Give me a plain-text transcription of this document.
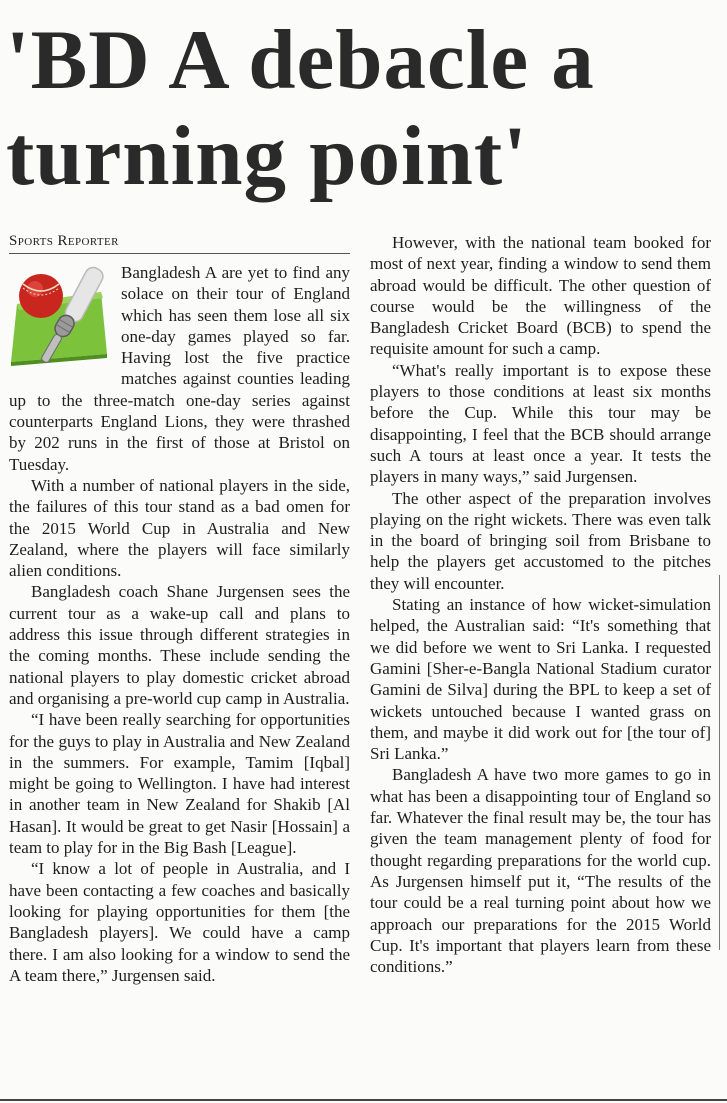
'BD A debacle a turning point'
Sports Reporter

Bangladesh A are yet to find any solace on their tour of England which has seen them lose all six one-day games played so far. Having lost the five practice matches against counties leading up to the three-match one-day series against counterparts England Lions, they were thrashed by 202 runs in the first of those at Bristol on Tuesday.

With a number of national players in the side, the failures of this tour stand as a bad omen for the 2015 World Cup in Australia and New Zealand, where the players will face similarly alien conditions.

Bangladesh coach Shane Jurgensen sees the current tour as a wake-up call and plans to address this issue through different strategies in the coming months. These include sending the national players to play domestic cricket abroad and organising a pre-world cup camp in Australia.

“I have been really searching for opportunities for the guys to play in Australia and New Zealand in the summers. For example, Tamim [Iqbal] might be going to Wellington. I have had interest in another team in New Zealand for Shakib [Al Hasan]. It would be great to get Nasir [Hossain] a team to play for in the Big Bash [League].

“I know a lot of people in Australia, and I have been contacting a few coaches and basically looking for playing opportunities for them [the Bangladesh players]. We could have a camp there. I am also looking for a window to send the A team there,” Jurgensen said.

However, with the national team booked for most of next year, finding a window to send them abroad would be difficult. The other question of course would be the willingness of the Bangladesh Cricket Board (BCB) to spend the requisite amount for such a camp.

“What's really important is to expose these players to those conditions at least six months before the Cup. While this tour may be disappointing, I feel that the BCB should arrange such A tours at least once a year. It tests the players in many ways,” said Jurgensen.

The other aspect of the preparation involves playing on the right wickets. There was even talk in the board of bringing soil from Brisbane to help the players get accustomed to the pitches they will encounter.

Stating an instance of how wicket-simulation helped, the Australian said: “It's something that we did before we went to Sri Lanka. I requested Gamini [Sher-e-Bangla National Stadium curator Gamini de Silva] during the BPL to keep a set of wickets untouched because I wanted grass on them, and maybe it did work out for [the tour of] Sri Lanka.”

Bangladesh A have two more games to go in what has been a disappointing tour of England so far. Whatever the final result may be, the tour has given the team management plenty of food for thought regarding preparations for the world cup. As Jurgensen himself put it, “The results of the tour could be a real turning point about how we approach our preparations for the 2015 World Cup. It's important that players learn from these conditions.”
